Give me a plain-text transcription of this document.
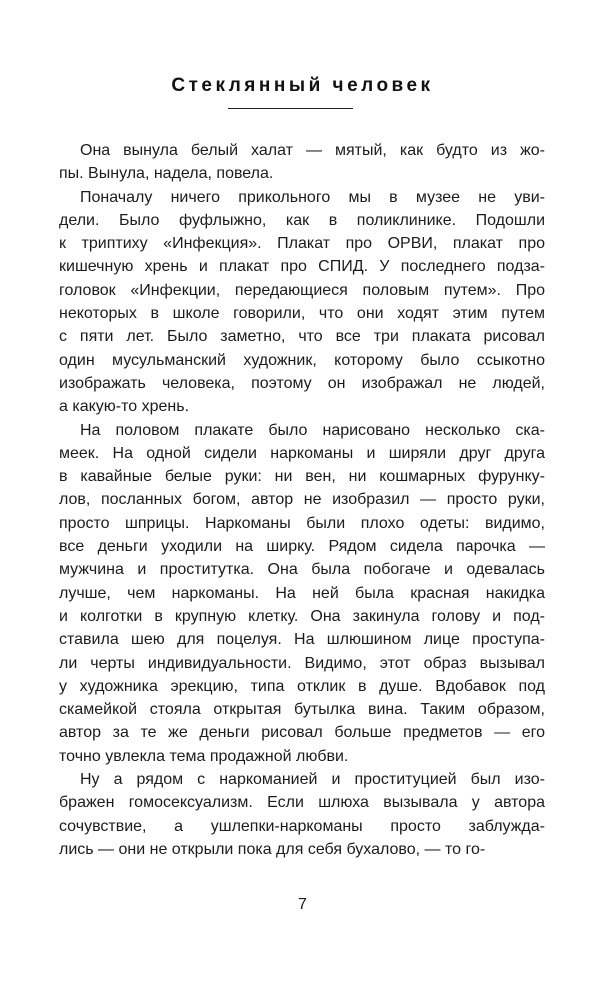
Стеклянный человек
Она вынула белый халат — мятый, как будто из жо-
пы. Вынула, надела, повела.
Поначалу ничего прикольного мы в музее не уви-
дели. Было фуфлыжно, как в поликлинике. Подошли
к триптиху «Инфекция». Плакат про ОРВИ, плакат про
кишечную хрень и плакат про СПИД. У последнего подза-
головок «Инфекции, передающиеся половым путем». Про
некоторых в школе говорили, что они ходят этим путем
с пяти лет. Было заметно, что все три плаката рисовал
один мусульманский художник, которому было ссыкотно
изображать человека, поэтому он изображал не людей,
а какую-то хрень.
На половом плакате было нарисовано несколько ска-
меек. На одной сидели наркоманы и ширяли друг друга
в кавайные белые руки: ни вен, ни кошмарных фурунку-
лов, посланных богом, автор не изобразил — просто руки,
просто шприцы. Наркоманы были плохо одеты: видимо,
все деньги уходили на ширку. Рядом сидела парочка —
мужчина и проститутка. Она была побогаче и одевалась
лучше, чем наркоманы. На ней была красная накидка
и колготки в крупную клетку. Она закинула голову и под-
ставила шею для поцелуя. На шлюшином лице проступа-
ли черты индивидуальности. Видимо, этот образ вызывал
у художника эрекцию, типа отклик в душе. Вдобавок под
скамейкой стояла открытая бутылка вина. Таким образом,
автор за те же деньги рисовал больше предметов — его
точно увлекла тема продажной любви.
Ну а рядом с наркоманией и проституцией был изо-
бражен гомосексуализм. Если шлюха вызывала у автора
сочувствие, а ушлепки-наркоманы просто заблужда-
лись — они не открыли пока для себя бухалово, — то го-
7
